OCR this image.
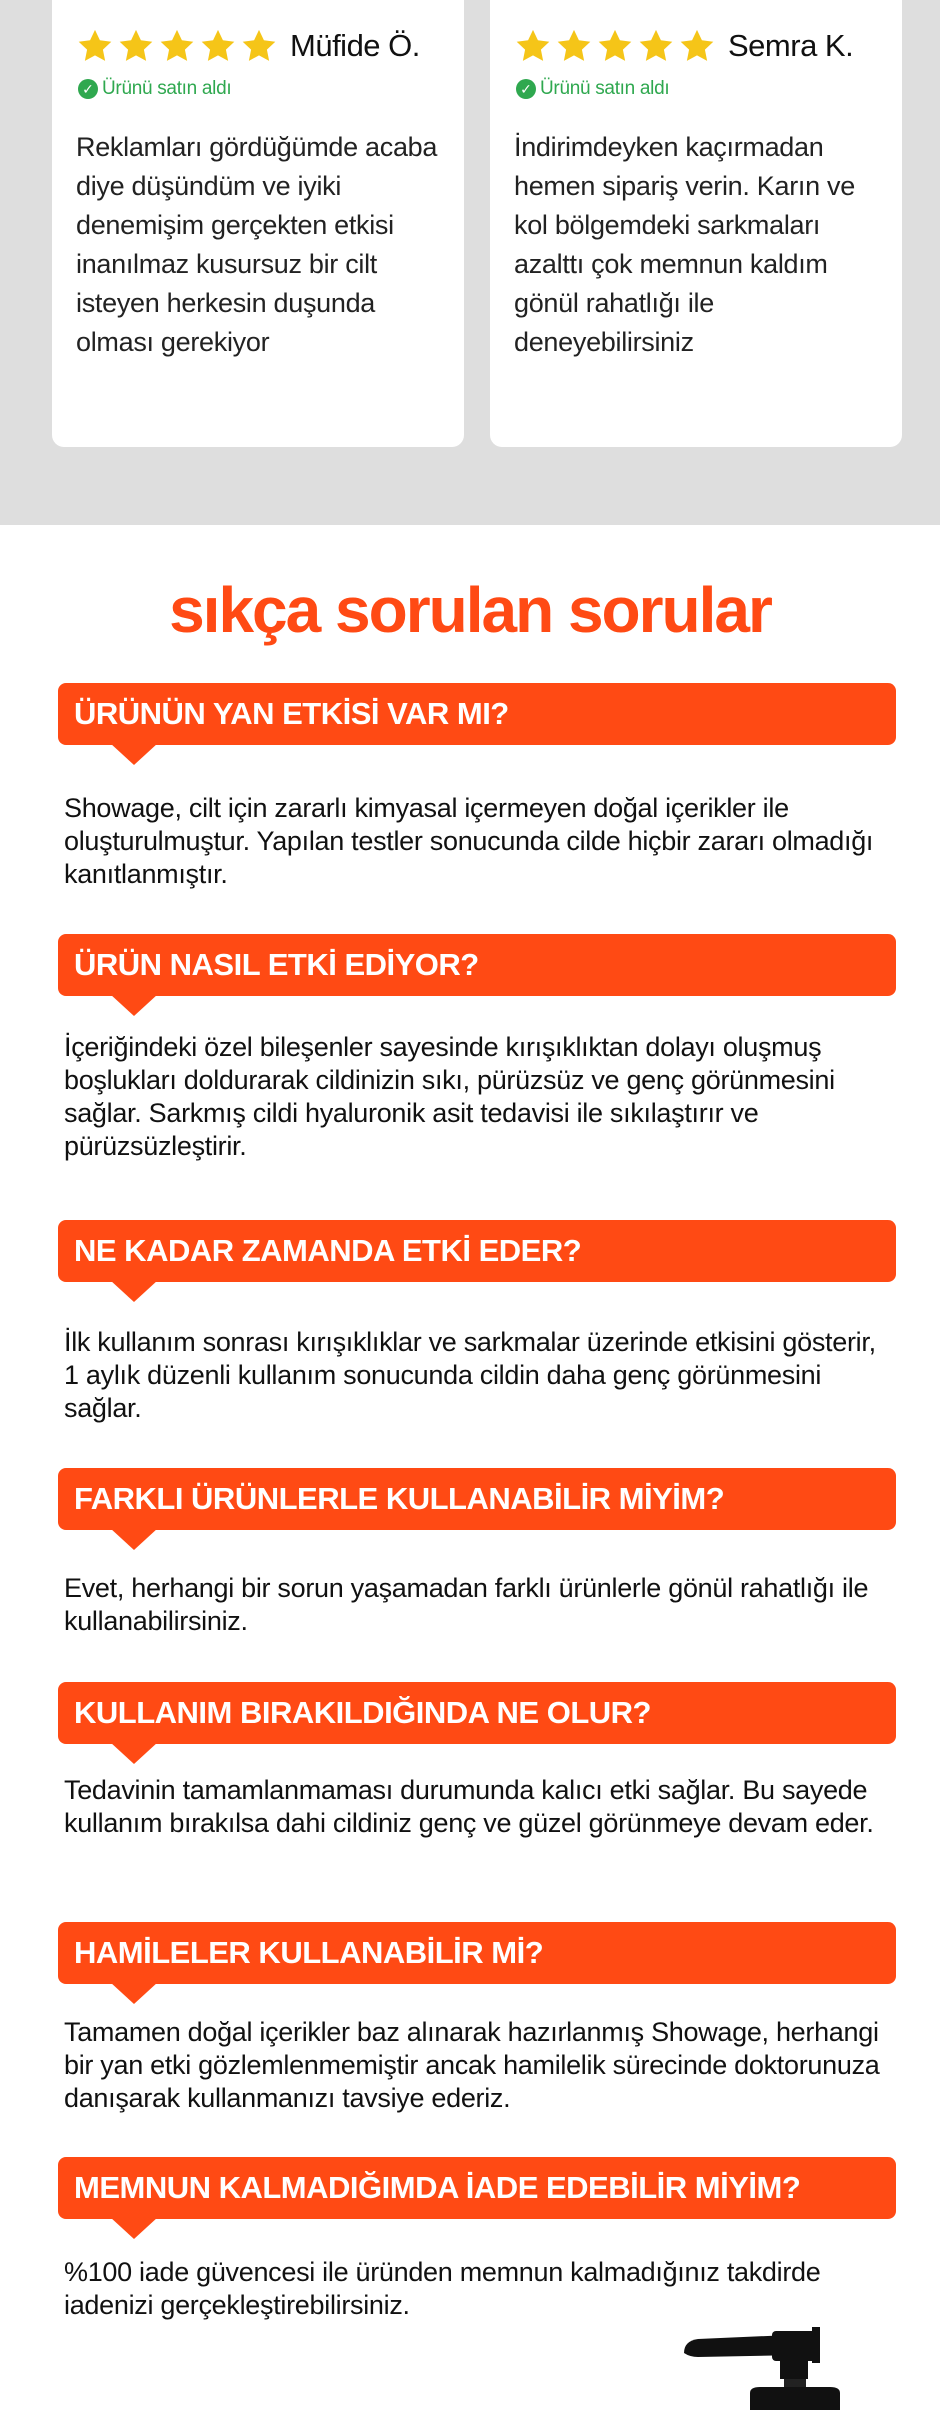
Müfide Ö.
✓ Ürünü satın aldı

Reklamları gördüğümde acaba diye düşündüm ve iyiki denemişim gerçekten etkisi inanılmaz kusursuz bir cilt isteyen herkesin duşunda olması gerekiyor

Semra K.
✓ Ürünü satın aldı

İndirimdeyken kaçırmadan hemen sipariş verin. Karın ve kol bölgemdeki sarkmaları azalttı çok memnun kaldım gönül rahatlığı ile deneyebilirsiniz

sıkça sorulan sorular
ÜRÜNÜN YAN ETKİSİ VAR MI?

Showage, cilt için zararlı kimyasal içermeyen doğal içerikler ile oluşturulmuştur. Yapılan testler sonucunda cilde hiçbir zararı olmadığı kanıtlanmıştır.

ÜRÜN NASIL ETKİ EDİYOR?

İçeriğindeki özel bileşenler sayesinde kırışıklıktan dolayı oluşmuş boşlukları doldurarak cildinizin sıkı, pürüzsüz ve genç görünmesini sağlar. Sarkmış cildi hyaluronik asit tedavisi ile sıkılaştırır ve pürüzsüzleştirir.

NE KADAR ZAMANDA ETKİ EDER?

İlk kullanım sonrası kırışıklıklar ve sarkmalar üzerinde etkisini gösterir, 1 aylık düzenli kullanım sonucunda cildin daha genç görünmesini sağlar.

FARKLI ÜRÜNLERLE KULLANABİLİR MİYİM?

Evet, herhangi bir sorun yaşamadan farklı ürünlerle gönül rahatlığı ile kullanabilirsiniz.

KULLANIM BIRAKILDIĞINDA NE OLUR?

Tedavinin tamamlanmaması durumunda kalıcı etki sağlar. Bu sayede kullanım bırakılsa dahi cildiniz genç ve güzel görünmeye devam eder.

HAMİLELER KULLANABİLİR Mİ?

Tamamen doğal içerikler baz alınarak hazırlanmış Showage, herhangi bir yan etki gözlemlenmemiştir ancak hamilelik sürecinde doktorunuza danışarak kullanmanızı tavsiye ederiz.

MEMNUN KALMADIĞIMDA İADE EDEBİLİR MİYİM?

%100 iade güvencesi ile üründen memnun kalmadığınız takdirde iadenizi gerçekleştirebilirsiniz.
